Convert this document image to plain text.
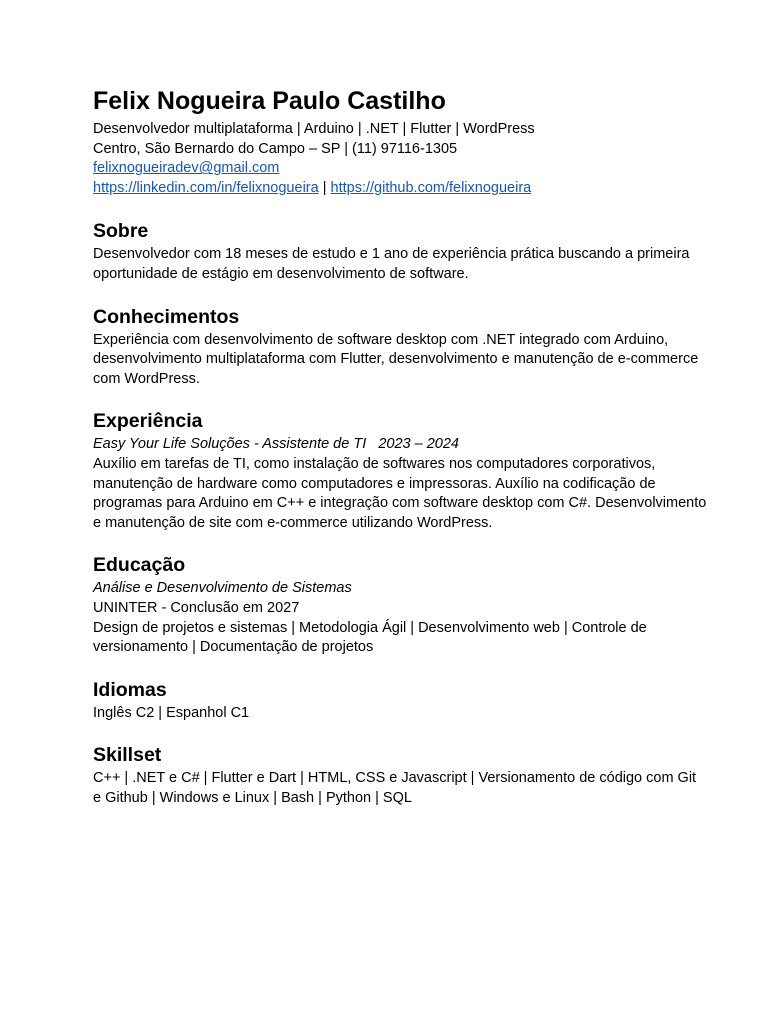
Felix Nogueira Paulo Castilho

Desenvolvedor multiplataforma | Arduino | .NET | Flutter | WordPress

Centro, São Bernardo do Campo – SP | (11) 97116-1305

felixnogueiradev@gmail.com

https://linkedin.com/in/felixnogueira | https://github.com/felixnogueira

Sobre

Desenvolvedor com 18 meses de estudo e 1 ano de experiência prática buscando a primeira oportunidade de estágio em desenvolvimento de software.

Conhecimentos

Experiência com desenvolvimento de software desktop com .NET integrado com Arduino, desenvolvimento multiplataforma com Flutter, desenvolvimento e manutenção de e-commerce com WordPress.

Experiência

Easy Your Life Soluções - Assistente de TI   2023 – 2024

Auxílio em tarefas de TI, como instalação de softwares nos computadores corporativos, manutenção de hardware como computadores e impressoras. Auxílio na codificação de programas para Arduino em C++ e integração com software desktop com C#. Desenvolvimento e manutenção de site com e-commerce utilizando WordPress.

Educação

Análise e Desenvolvimento de Sistemas

UNINTER - Conclusão em 2027

Design de projetos e sistemas | Metodologia Ágil | Desenvolvimento web | Controle de versionamento | Documentação de projetos

Idiomas

Inglês C2 | Espanhol C1

Skillset

C++ | .NET e C# | Flutter e Dart | HTML, CSS e Javascript | Versionamento de código com Git e Github | Windows e Linux | Bash | Python | SQL
